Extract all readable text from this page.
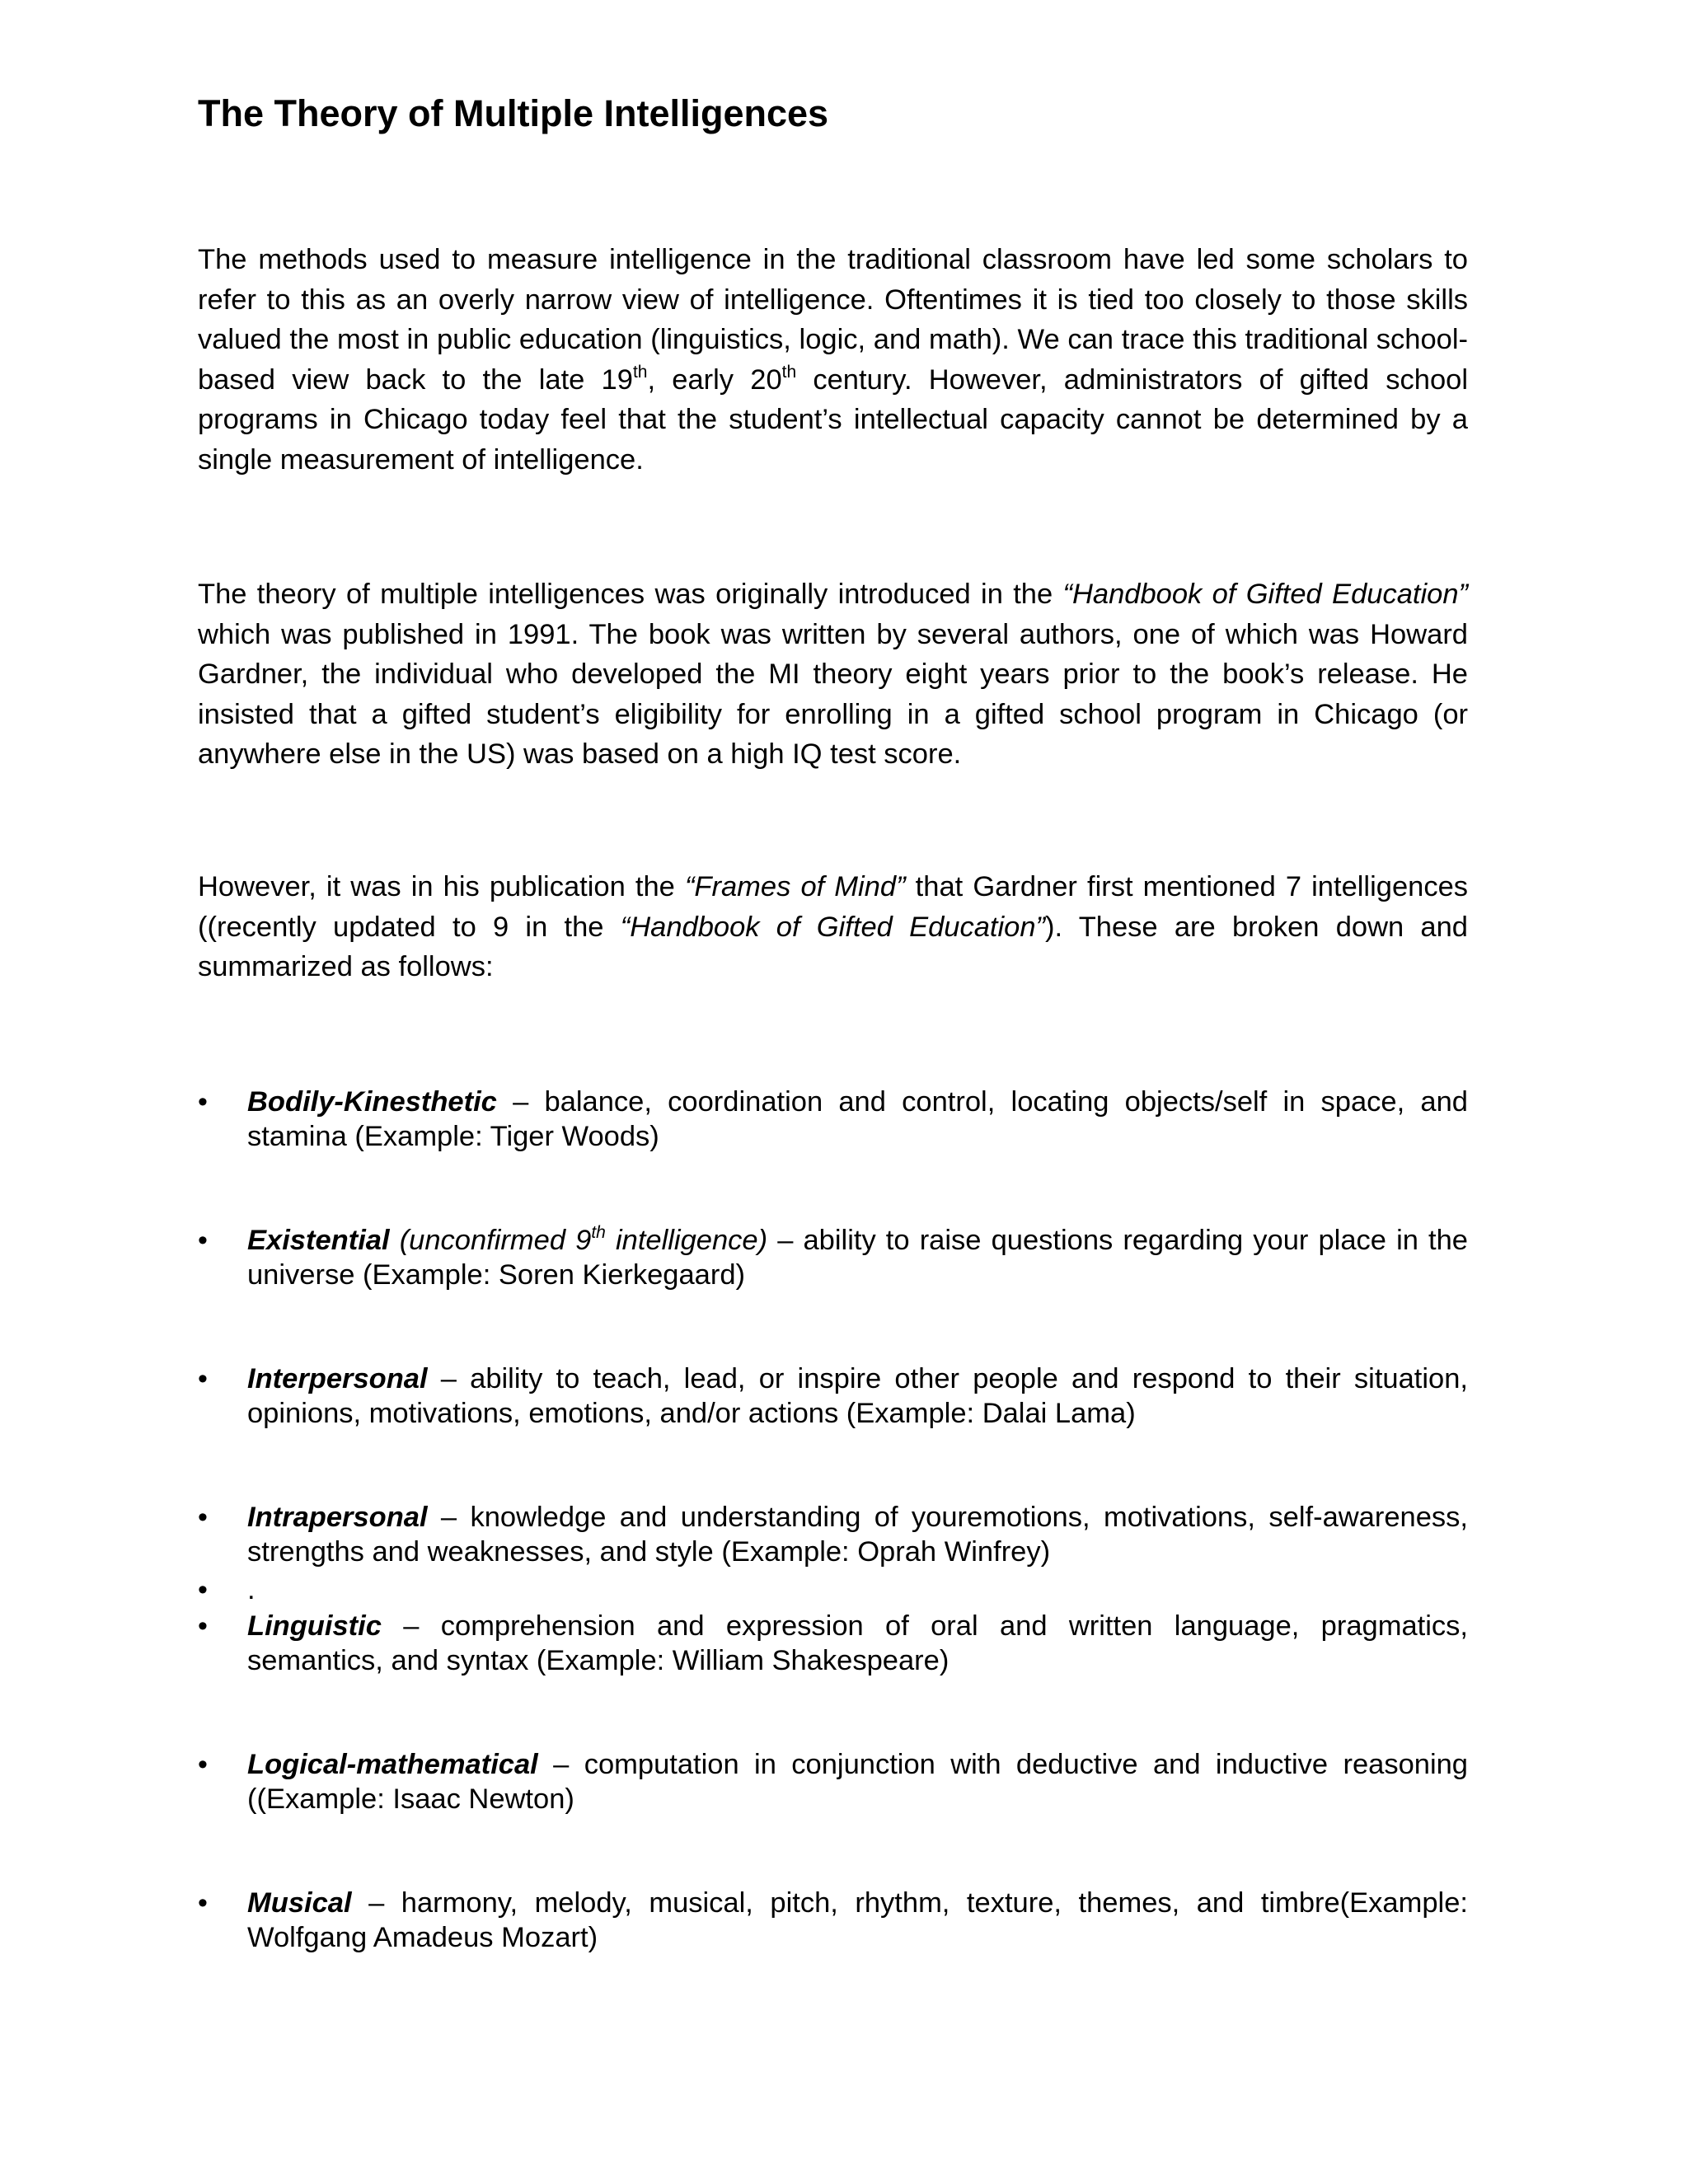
The Theory of Multiple Intelligences

The methods used to measure intelligence in the traditional classroom have led some scholars to refer to this as an overly narrow view of intelligence. Oftentimes it is tied too closely to those skills valued the most in public education (linguistics, logic, and math). We can trace this traditional school-based view back to the late 19th, early 20th century. However, administrators of gifted school programs in Chicago today feel that the student’s intellectual capacity cannot be determined by a single measurement of intelligence.

The theory of multiple intelligences was originally introduced in the “Handbook of Gifted Education” which was published in 1991. The book was written by several authors, one of which was Howard Gardner, the individual who developed the MI theory eight years prior to the book’s release. He insisted that a gifted student’s eligibility for enrolling in a gifted school program in Chicago (or anywhere else in the US) was based on a high IQ test score.

However, it was in his publication the “Frames of Mind” that Gardner first mentioned 7 intelligences ((recently updated to 9 in the “Handbook of Gifted Education”). These are broken down and summarized as follows:

•	Bodily-Kinesthetic – balance, coordination and control, locating objects/self in space, and stamina (Example: Tiger Woods)
•	Existential (unconfirmed 9th intelligence) – ability to raise questions regarding your place in the universe (Example: Soren Kierkegaard)
•	Interpersonal – ability to teach, lead, or inspire other people and respond to their situation, opinions, motivations, emotions, and/or actions (Example: Dalai Lama)
•	Intrapersonal – knowledge and understanding of youremotions, motivations, self-awareness, strengths and weaknesses, and style (Example: Oprah Winfrey)
•	.
•	Linguistic – comprehension and expression of oral and written language, pragmatics, semantics, and syntax (Example: William Shakespeare)
•	Logical-mathematical – computation in conjunction with deductive and inductive reasoning ((Example: Isaac Newton)
•	Musical – harmony, melody, musical, pitch, rhythm, texture, themes, and timbre(Example: Wolfgang Amadeus Mozart)
